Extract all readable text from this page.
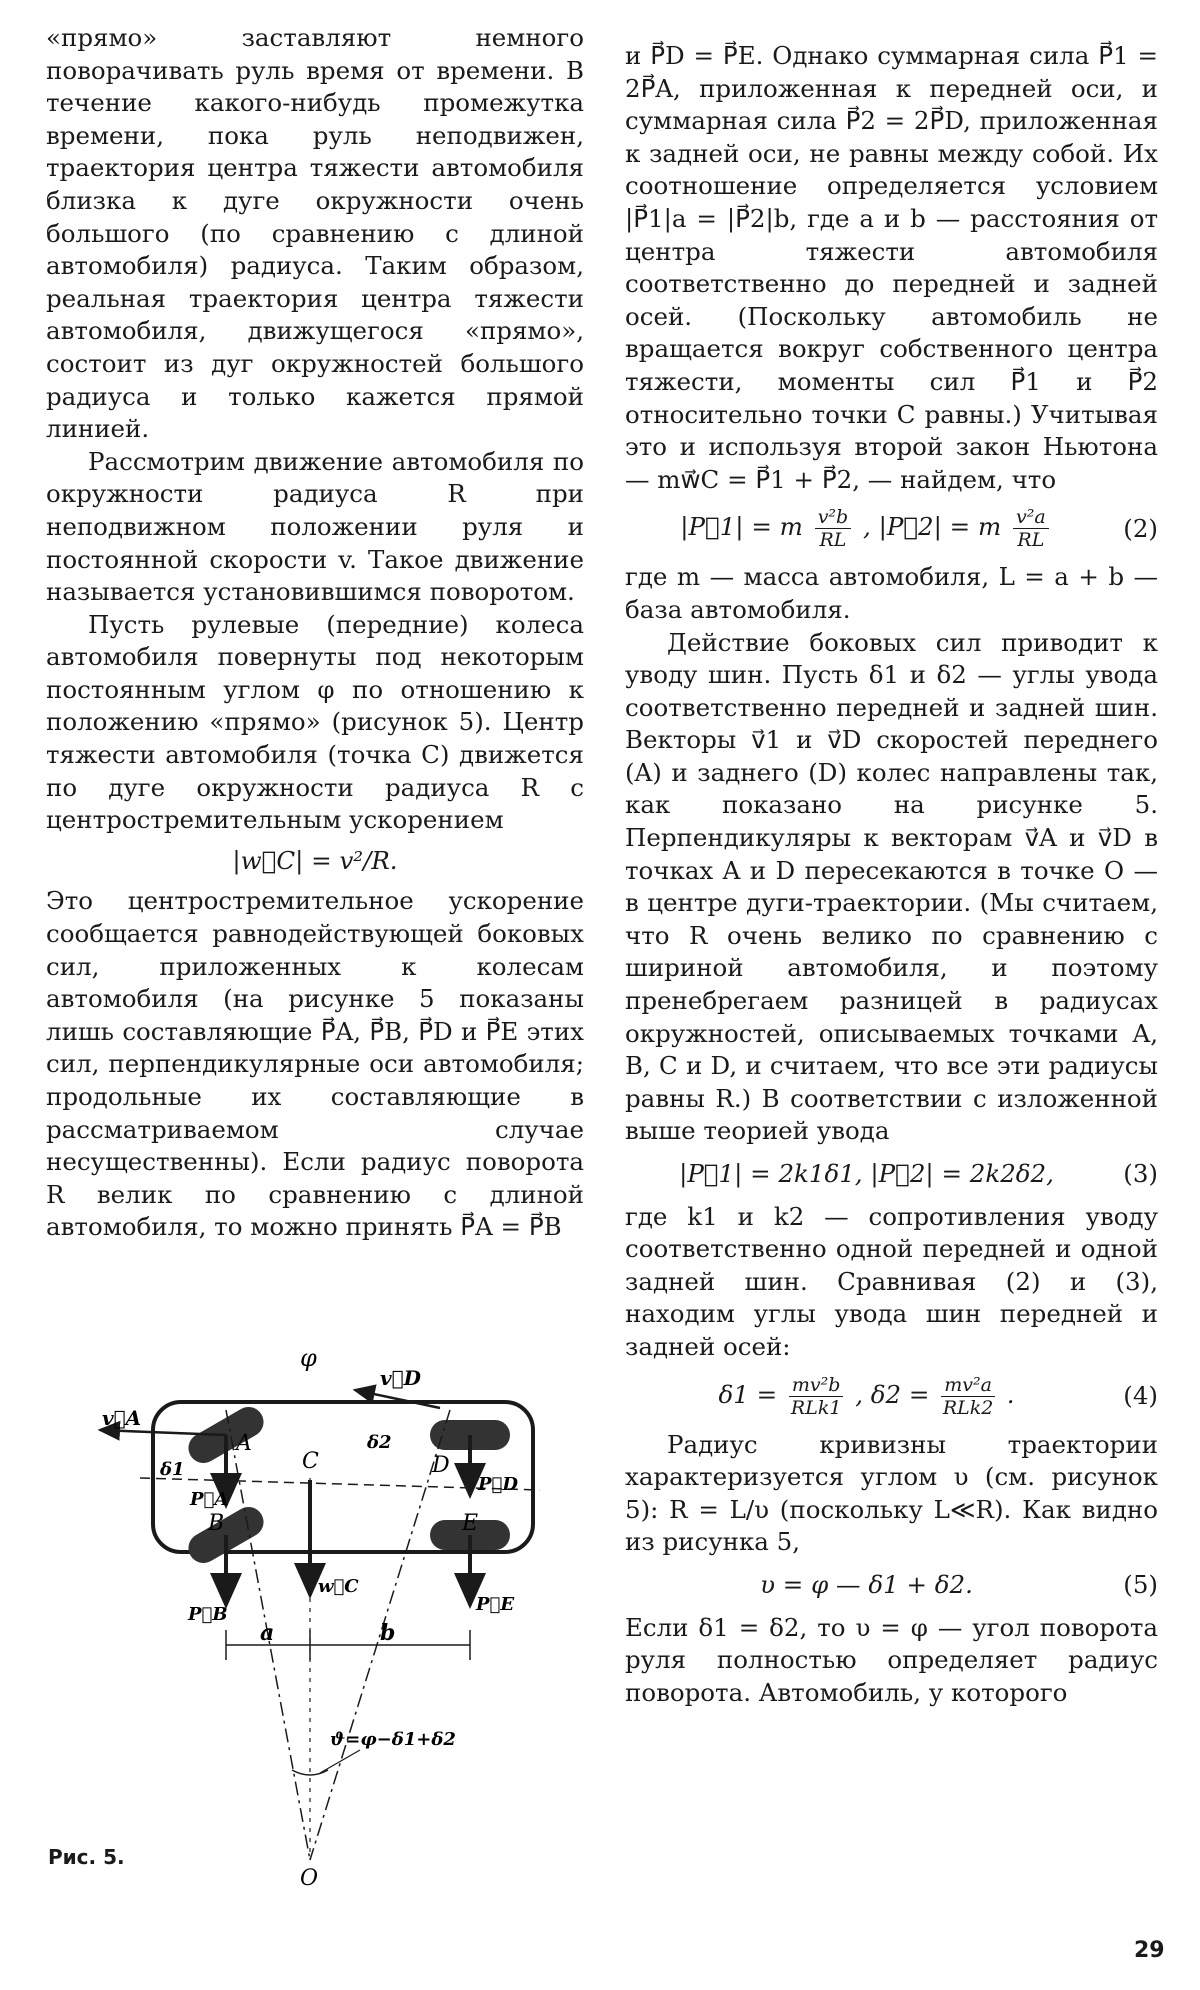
«прямо» заставляют немного поворачивать руль время от времени. В течение какого-нибудь промежутка времени, пока руль неподвижен, траектория центра тяжести автомобиля близка к дуге окружности очень большого (по сравнению с длиной автомобиля) радиуса. Таким образом, реальная траектория центра тяжести автомобиля, движущегося «прямо», состоит из дуг окружностей большого радиуса и только кажется прямой линией.

Рассмотрим движение автомобиля по окружности радиуса R при неподвижном положении руля и постоянной скорости v. Такое движение называется установившимся поворотом.

Пусть рулевые (передние) колеса автомобиля повернуты под некоторым постоянным углом φ по отношению к положению «прямо» (рисунок 5). Центр тяжести автомобиля (точка C) движется по дуге окружности радиуса R с центростремительным ускорением

|w⃗C| = v²/R.

Это центростремительное ускорение сообщается равнодействующей боковых сил, приложенных к колесам автомобиля (на рисунке 5 показаны лишь составляющие P⃗A, P⃗B, P⃗D и P⃗E этих сил, перпендикулярные оси автомобиля; продольные их составляющие в рассматриваемом случае несущественны). Если радиус поворота R велик по сравнению с длиной автомобиля, то можно принять P⃗A = P⃗B

и P⃗D = P⃗E. Однако суммарная сила P⃗1 = 2P⃗A, приложенная к передней оси, и суммарная сила P⃗2 = 2P⃗D, приложенная к задней оси, не равны между собой. Их соотношение определяется условием |P⃗1|a = |P⃗2|b, где a и b — расстояния от центра тяжести автомобиля соответственно до передней и задней осей. (Поскольку автомобиль не вращается вокруг собственного центра тяжести, моменты сил P⃗1 и P⃗2 относительно точки C равны.) Учитывая это и используя второй закон Ньютона — mw⃗C = P⃗1 + P⃗2, — найдем, что

|P⃗1| = m $\frac{\text{v²b}}{RL}$ , |P⃗2| = m $\frac{\text{v²a}}{RL}$	(2)

где m — масса автомобиля, L = a + b — база автомобиля.

Действие боковых сил приводит к уводу шин. Пусть δ1 и δ2 — углы увода соответственно передней и задней шин. Векторы v⃗1 и v⃗D скоростей переднего (A) и заднего (D) колес направлены так, как показано на рисунке 5. Перпендикуляры к векторам v⃗A и v⃗D в точках A и D пересекаются в точке O — в центре дуги-траектории. (Мы считаем, что R очень велико по сравнению с шириной автомобиля, и поэтому пренебрегаем разницей в радиусах окружностей, описываемых точками A, B, C и D, и считаем, что все эти радиусы равны R.) В соответствии с изложенной выше теорией увода

|P⃗1| = 2k1δ1, |P⃗2| = 2k2δ2,	(3)

где k1 и k2 — сопротивления уводу соответственно одной передней и одной задней шин. Сравнивая (2) и (3), находим углы увода шин передней и задней осей:

$\delta 1 = \frac{\text{mv²b}}{\text{RLk1}}$ , $\delta 2 = \frac{\text{mv²a}}{\text{RLk2}}$ .	(4)

Радиус кривизны траектории характеризуется углом υ (см. рисунок 5): R = L/υ (поскольку L≪R). Как видно из рисунка 5,

υ = φ — δ1 + δ2.	(5)

Если δ1 = δ2, то υ = φ — угол поворота руля полностью определяет радиус поворота. Автомобиль, у которого

φ
v⃗D
v⃗A
A
B
C	D
E
O
δ1
δ2
P⃗A
P⃗B
P⃗D
P⃗E
w⃗C
a	b
ϑ=φ−δ1+δ2
Рис. 5.
29
